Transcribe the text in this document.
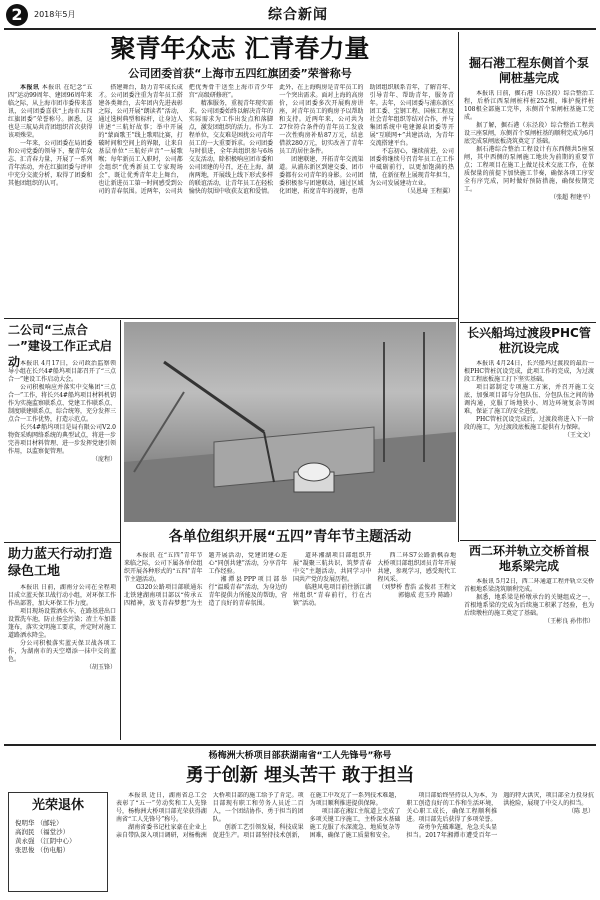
2	2018年5月	综合新闻
聚青年众志 汇青春力量
公司团委首获“上海市五四红旗团委”荣誉称号

本报讯 本报讯 在纪念“五四”运动99周年、建团96周年来临之际，从上海市团市委传来喜讯，公司团委喜获“上海市五四红旗团委”荣誉称号。据悉，这也是三航局共青团组织首次获得该项殊荣。

一年来，公司团委在局团委和公司党委的领导下，聚青年众志、汇青春力量，开展了一系列青年活动，并在红旗团委与评审中充分交流分析，取得了团委和其他团组织的认可。

搭建舞台，助力青年成长成才。公司团委注重为青年员工搭建各类舞台，去年团内先进表彰之际，公司开展“朗读者”活动，通过选树典型和标杆，让身边人讲述“三航好故事；举中开展的“蒙面歌王”线上歌唱比赛，打破时间和空间上的界限，让来自基层单位“三航好声音”一展歌喉；每年新员工入职时，公司都会组织“优秀新员工专家现场会”，既让优秀青年走上舞台，也让新进员工第一时间感受到公司的青春氛围。近两年，公司共把优秀骨干送至上海市青少年宫“高级研修班”。

精准服务，重视青年现实需求。公司团委始终以解决青年的实际需求为工作出发点和落脚点，激发团组织的活力。作为工程单位，交友难是困扰公司青年员工的一大重要诉求。公司团委与时俱进，全年共组织参与6场交友活动，除积极响应团市委和公司团建的号召，还在上海、湖南两地，开展线上线下形式多样的联谊活动，让青年员工在轻松愉快的氛围中收获友谊和爱情。此外，在上海购房是青年员工的一个突出需求。面对上海的高房价，公司团委多次开展购房讲座，对青年员工的购房予以帮助和支持。近两年来，公司共为27位符合条件的青年员工发放一次性购房补贴87万元，结息借款280万元，切实改善了青年员工的居住条件。

团建联建，开拓青年交流渠道。从浦东新区到建交委、团市委都有公司青年的身影。公司团委积极参与团建联动，通过区域化团建，拓宽青年的视野，也帮助团组织联系青年，了解青年、引导青年、帮助青年，服务青年。去年，公司团委与浦东新区团工委、宝钢工程、国核工程及社会青年组织等结对合作，并与集团系统中电建源泉团委等开展“互联网+”共建活动，为青年交流搭建平台。

不忘初心，继续前进，公司团委将继续号召青年员工在工作中砥砺前行，以更加饱满的热情，在新征程上展现青年担当，为公司发展建功立业。

（吴恩琦 王程翼）
掘石港工程东侧首个泵闸桩基完成

本报讯 日前，掘石港（东泾段）综合整治工程，后桥江西泵闸桩样桩252根，堆护搅拌桩108根全部施工完毕，东侧首个泵闸桩基施工完成。

据了解，掘石港（东泾段）综合整治工程共设三座泵闸，东侧首个泵闸桩基的顺利完成为6月底完成泵闸底板浇筑奠定了基础。

据石港综合整治工程设计有东西侧共5座泵闸，其中西侧的泵闸施工地块为前期的重要节点；工程项目在施工上做足技术交底工作，在保质保量的前提下加快施工节奏，确保各项工序安全有序完成，同时做好预防措施，确保按期完工。

（张超 程建平）
二公司“三点合一”建设工作正式启动 本报讯 4月17日，公司政治监察领导小组在长兴4#船坞项目部召开了“三点合一”建设工作启动大会。

公司积极响应并落实中交集团“三点合一”工作，将长兴4#船坞项目材料机钥作为实施监察联系点、党建工作联系点、制度联建联系点，综合统筹，充分发挥三点合一工作优势，打造示范点。

长兴4#船坞项目是局有限公司V2.0物资采购网络系统的典型试点，将进一步完善项目材料管理、进一步发挥党建引领作用，以监察促管理。

（庞程）
各单位组织开展“五四”青年节主题活动

本报讯 在“五四”青年节来临之际，公司下属各单位组织开展各种形式的“五四”青年节主题活动。

G320公路项目部联通东北铁建湖南项目部以“传承五四精神，放飞青春梦想”为主题开展活动，党建团建心连心“同创共建”活动，分享青年工作经验。

湘潭县PPP项目部举行“温暖青春”活动，为身边的青年提供力所能及的帮助，营造了良好的青春氛围。

道环湘湖项目部组织开展“凝聚三航共识，筑梦青春中交”主题活动，共同学习中国共产党的发展历程。

临港风电项目前往浙江湖州组织“青春前行，行在古镇”活动。

西二环S7公路新枫吞地大桥项目部组织团员青年开展共建，参观学习，感受现代工程风采。

（刘梦桥 曹浩 孟俊君 王程文 郭德成 范玉玲 陈路）
助力蓝天行动打造绿色工地

本报讯 日前，湖南分公司在全程项目成立蓝天保卫战行动小组，对环保工作作出部署，加大环保工作力度。

项目现场设置洒水车，在路基进出口设置洗车池，防止扬尘污染；渣土车加盖篷布，落实文明施工要求，并定时对施工道路洒水降尘。

分公司积极落实蓝天保卫战各项工作，为湖南市的天空增添一抹中交的蓝色。

（胡玉锋）
长兴船坞过渡段PHC管桩沉设完成

本报讯 4月24日，长兴船坞过渡段的最后一根PHC管桩沉设完成，此项工作的完成，为过渡段工程底板施工打下坚实基础。

项目部制定专项施工方案，并召开施工交底，加强项目部与分包队伍、分包队伍之间的协调沟通，克服了场地狭小、周边环境复杂等困难，保证了施工的安全进度。

PHC管桩沉设完成后，过渡段将进入下一阶段的施工，为过渡段底板施工提供有力保障。

（王文文）
西二环并轨立交桥首根地系梁完成

本报讯 5月2日，西二环通道工程并轨立交桥首根地系梁浇筑顺利完成。

据悉，地系梁是桥墩承台的关键组成之一，首根地系梁的完成为后续施工积累了经验，也为后续墩柱的施工奠定了基础。

（王彬良 孙伟伟）
杨梅洲大桥项目部获湖南省“工人先锋号”称号
勇于创新 埋头苦干 敢于担当
光荣退休
倪明华 （邮轮）
高润民 （福堂沙）
黄永强 （江阴中心）
张思俊 （仿电船）

本报讯 近日，湖南省总工会表彰了“五一”劳动奖和工人先锋号，杨梅洲大桥项目部光荣获得湖南省“工人先锋号”称号。

湖南省委书记杜家豪在企业上亲自带队深入项目调研，对杨梅洲大桥项目部的施工给予了肯定。项目部现有职工和劳务人员近二百人，一个团结协作、勇于担当的团队。

创新工艺引领发展，科技成果促进生产。项目部坚持技术创新，在施工中攻克了一系列技术难题，为项目顺利推进提供保障。

项目部在湘江主航道上完成了多项关键工序施工，主桥深水基础施工克服了水深流急、地质复杂等困难，确保了施工质量和安全。

项目部始终坚持以人为本，为职工创造良好的工作和生活环境，关心职工成长，确保工程顺利推进。项目部先后获得了多项荣誉。

奋勇争先破难题，危急关头显担当。2017年湘潭市遭受百年一遇的特大洪灾，项目部全力投身抗洪抢险，展现了中交人的担当。

（陈 思）
